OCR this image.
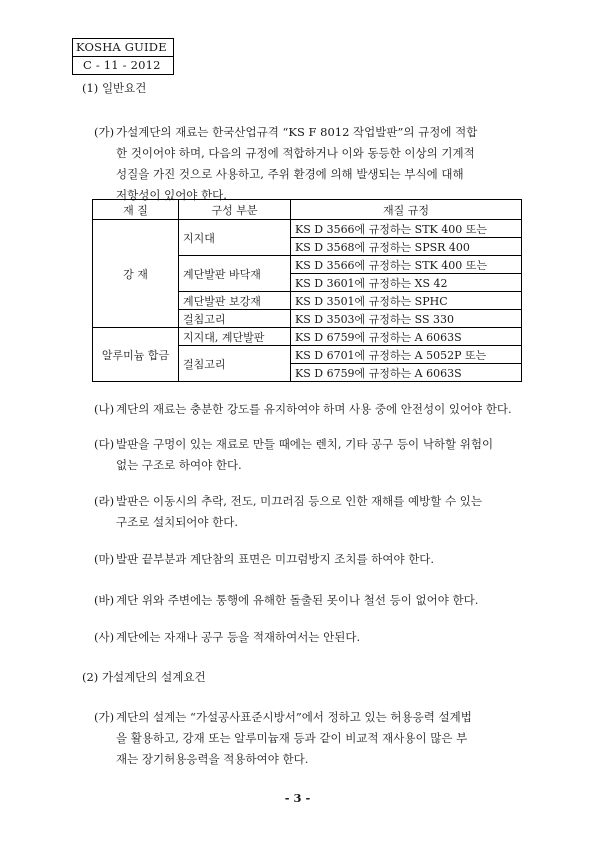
KOSHA GUIDE
C - 11 - 2012

(1) 일반요건

(가) 가설계단의 재료는 한국산업규격 “KS F 8012 작업발판”의 규정에 적합
한 것이어야 하며, 다음의 규정에 적합하거나 이와 동등한 이상의 기계적
성질을 가진 것으로 사용하고, 주위 환경에 의해 발생되는 부식에 대해
저항성이 있어야 한다.
재 질	구성 부분	재질 규정
강 재	지지대	KS D 3566에 규정하는 STK 400 또는
		KS D 3568에 규정하는 SPSR 400
	계단발판 바닥재	KS D 3566에 규정하는 STK 400 또는
		KS D 3601에 규정하는 XS 42
	계단발판 보강재	KS D 3501에 규정하는 SPHC
	걸침고리	KS D 3503에 규정하는 SS 330
알루미늄 합금	지지대, 계단발판	KS D 6759에 규정하는 A 6063S
	걸침고리	KS D 6701에 규정하는 A 5052P 또는
		KS D 6759에 규정하는 A 6063S
(나) 계단의 재료는 충분한 강도를 유지하여야 하며 사용 중에 안전성이 있어야 한다.
(다) 발판을 구멍이 있는 재료로 만들 때에는 렌치, 기타 공구 등이 낙하할 위험이
없는 구조로 하여야 한다.
(라) 발판은 이동시의 추락, 전도, 미끄러짐 등으로 인한 재해를 예방할 수 있는
구조로 설치되어야 한다.
(마) 발판 끝부분과 계단참의 표면은 미끄럼방지 조치를 하여야 한다.
(바) 계단 위와 주변에는 통행에 유해한 돌출된 못이나 철선 등이 없어야 한다.
(사) 계단에는 자재나 공구 등을 적재하여서는 안된다.

(2) 가설계단의 설계요건

(가) 계단의 설계는 “가설공사표준시방서”에서 정하고 있는 허용응력 설계법
을 활용하고, 강재 또는 알루미늄재 등과 같이 비교적 재사용이 많은 부
재는 장기허용응력을 적용하여야 한다.
- 3 -
